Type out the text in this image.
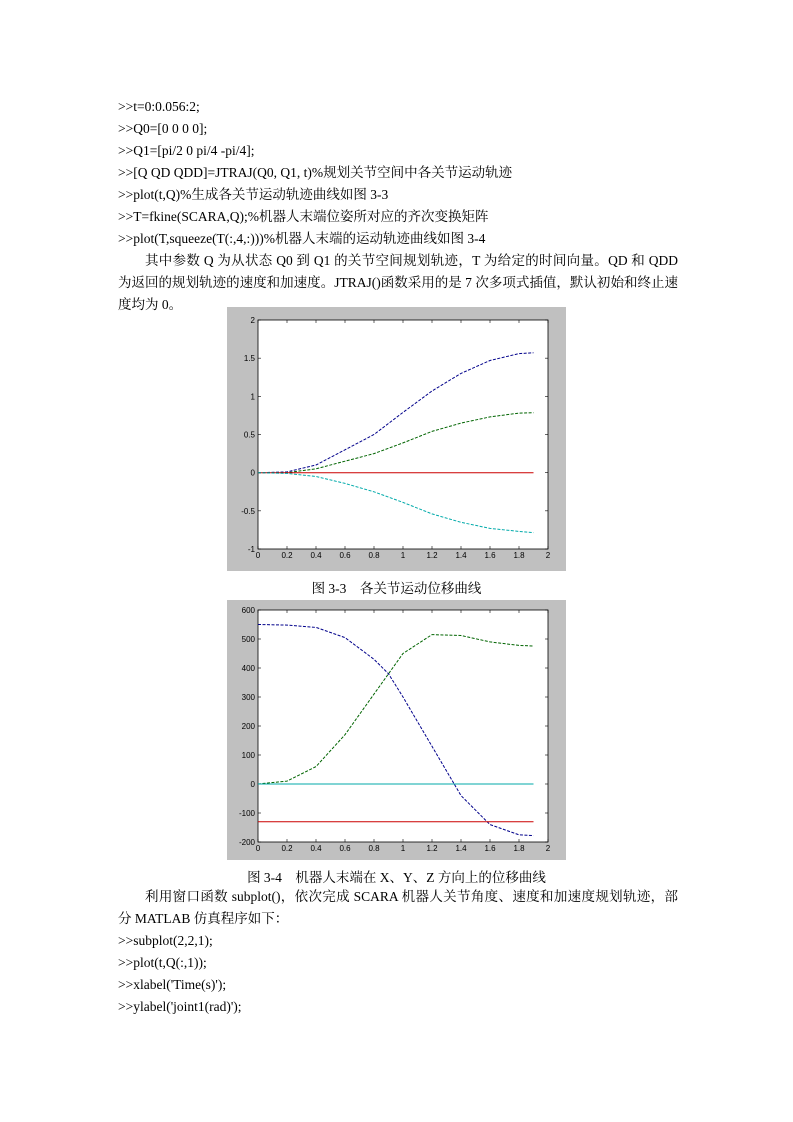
>>t=0:0.056:2;
>>Q0=[0 0 0 0];
>>Q1=[pi/2 0 pi/4 -pi/4];
>>[Q QD QDD]=JTRAJ(Q0, Q1, t)%规划关节空间中各关节运动轨迹
>>plot(t,Q)%生成各关节运动轨迹曲线如图 3-3
>>T=fkine(SCARA,Q);%机器人末端位姿所对应的齐次变换矩阵
>>plot(T,squeeze(T(:,4,:)))%机器人末端的运动轨迹曲线如图 3-4
其中参数 Q 为从状态 Q0 到 Q1 的关节空间规划轨迹，T 为给定的时间向量。QD 和 QDD 为返回的规划轨迹的速度和加速度。JTRAJ()函数采用的是 7 次多项式插值，默认初始和终止速度均为 0。
0	0.2 0.4 0.6 0.8	1	1.2 1.4 1.6 1.8	2
2
1.5
1
0.5
0
-0.5
-1
图 3-3　各关节运动位移曲线
0	0.2 0.4 0.6 0.8	1	1.2 1.4 1.6 1.8	2
600
500
400
300
200
100
0
-100
-200
图 3-4　机器人末端在 X、Y、Z 方向上的位移曲线
利用窗口函数 subplot()，依次完成 SCARA 机器人关节角度、速度和加速度规划轨迹，部分 MATLAB 仿真程序如下：
>>subplot(2,2,1);
>>plot(t,Q(:,1));
>>xlabel('Time(s)');
>>ylabel('joint1(rad)');
